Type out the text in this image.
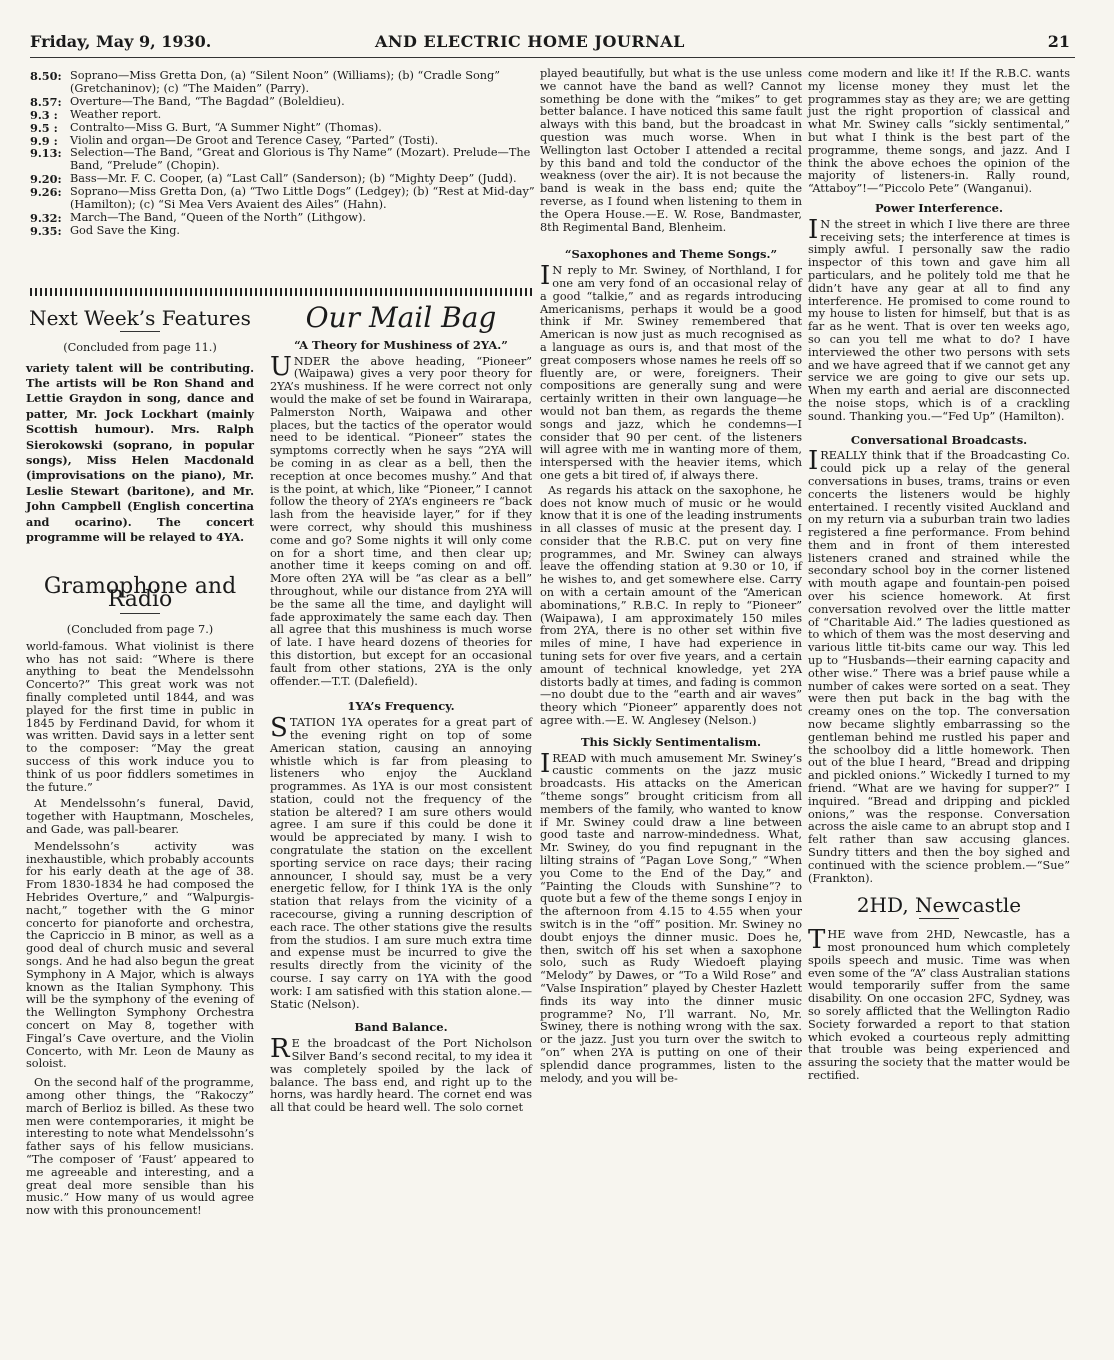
Friday, May 9, 1930.	AND ELECTRIC HOME JOURNAL	21
8.50: Soprano—Miss Gretta Don, (a) “Silent Noon” (Williams); (b) “Cradle Song” (Gretchaninov); (c) “The Maiden” (Parry).
8.57: Overture—The Band, “The Bagdad” (Boleldieu).
9.3 :	Weather report.
9.5 :	Contralto—Miss G. Burt, “A Summer Night” (Thomas).
9.9 :	Violin and organ—De Groot and Terence Casey, “Parted” (Tosti).
9.13: Selection—The Band, “Great and Glorious is Thy Name” (Mozart). Prelude—The Band, “Prelude” (Chopin).
9.20: Bass—Mr. F. C. Cooper, (a) “Last Call” (Sanderson); (b) “Mighty Deep” (Judd).
9.26: Soprano—Miss Gretta Don, (a) “Two Little Dogs” (Ledgey); (b) “Rest at Mid-day” (Hamilton); (c) “Si Mea Vers Avaient des Ailes” (Hahn).
9.32: March—The Band, “Queen of the North” (Lithgow).
9.35: God Save the King.
Next Week’s Features
(Concluded from page 11.)
variety talent will be contributing. The artists will be Ron Shand and Lettie Graydon in song, dance and patter, Mr. Jock Lockhart (mainly Scottish humour). Mrs. Ralph Sierokowski (soprano, in popular songs), Miss Helen Macdonald (improvisations on the piano), Mr. Leslie Stewart (baritone), and Mr. John Campbell (English concertina and ocarino). The concert programme will be relayed to 4YA.
Gramophone and Radio
(Concluded from page 7.)

world-famous. What violinist is there who has not said: “Where is there anything to beat the Mendelssohn Concerto?” This great work was not finally completed until 1844, and was played for the first time in public in 1845 by Ferdinand David, for whom it was written. David says in a letter sent to the composer: “May the great success of this work induce you to think of us poor fiddlers sometimes in the future.”

At Mendelssohn’s funeral, David, together with Hauptmann, Moscheles, and Gade, was pall-bearer.

Mendelssohn’s activity was inexhaustible, which probably accounts for his early death at the age of 38. From 1830-1834 he had composed the Hebrides Overture,” and “Walpurgis-nacht,” together with the G minor concerto for pianoforte and orchestra, the Capriccio in B minor, as well as a good deal of church music and several songs. And he had also begun the great Symphony in A Major, which is always known as the Italian Symphony. This will be the symphony of the evening of the Wellington Symphony Orchestra concert on May 8, together with Fingal’s Cave overture, and the Violin Concerto, with Mr. Leon de Mauny as soloist.

On the second half of the programme, among other things, the “Rakoczy” march of Berlioz is billed. As these two men were contemporaries, it might be interesting to note what Mendelssohn’s father says of his fellow musicians. “The composer of ‘Faust’ appeared to me agreeable and interesting, and a great deal more sensible than his music.” How many of us would agree now with this pronouncement!

Our Mail Bag
“A Theory for Mushiness of 2YA.”
UNDER the above heading, “Pioneer” (Waipawa) gives a very poor theory for 2YA’s mushiness. If he were correct not only would the make of set be found in Wairarapa, Palmerston North, Waipawa and other places, but the tactics of the operator would need to be identical. “Pioneer” states the symptoms correctly when he says “2YA will be coming in as clear as a bell, then the reception at once becomes mushy.” And that is the point, at which, like “Pioneer,” I cannot follow the theory of 2YA’s engineers re “back lash from the heaviside layer,” for if they were correct, why should this mushiness come and go? Some nights it will only come on for a short time, and then clear up; another time it keeps coming on and off. More often 2YA will be “as clear as a bell” throughout, while our distance from 2YA will be the same all the time, and daylight will fade approximately the same each day. Then all agree that this mushiness is much worse of late. I have heard dozens of theories for this distortion, but except for an occasional fault from other stations, 2YA is the only offender.—T.T. (Dalefield).
1YA’s Frequency.
STATION 1YA operates for a great part of the evening right on top of some American station, causing an annoying whistle which is far from pleasing to listeners who enjoy the Auckland programmes. As 1YA is our most consistent station, could not the frequency of the station be altered? I am sure others would agree. I am sure if this could be done it would be appreciated by many. I wish to congratulate the station on the excellent sporting service on race days; their racing announcer, I should say, must be a very energetic fellow, for I think 1YA is the only station that relays from the vicinity of a racecourse, giving a running description of each race. The other stations give the results from the studios. I am sure much extra time and expense must be incurred to give the results directly from the vicinity of the course. I say carry on 1YA with the good work: I am satisfied with this station alone.—Static (Nelson).
Band Balance.
R E the broadcast of the Port Nicholson Silver Band’s second recital, to my idea it was completely spoiled by the lack of balance. The bass end, and right up to the horns, was hardly heard. The cornet end was all that could be heard well. The solo cornet
played beautifully, but what is the use unless we cannot have the band as well? Cannot something be done with the “mikes” to get better balance. I have noticed this same fault always with this band, but the broadcast in question was much worse. When in Wellington last October I attended a recital by this band and told the conductor of the weakness (over the air). It is not because the band is weak in the bass end; quite the reverse, as I found when listening to them in the Opera House.—E. W. Rose, Bandmaster, 8th Regimental Band, Blenheim.
“Saxophones and Theme Songs.”
I N reply to Mr. Swiney, of Northland, I for one am very fond of an occasional relay of a good “talkie,” and as regards introducing Americanisms, perhaps it would be a good think if Mr. Swiney remembered that American is now just as much recognised as a language as ours is, and that most of the great composers whose names he reels off so fluently are, or were, foreigners. Their compositions are generally sung and were certainly written in their own language—he would not ban them, as regards the theme songs and jazz, which he condemns—I consider that 90 per cent. of the listeners will agree with me in wanting more of them, interspersed with the heavier items, which one gets a bit tired of, if always there.

As regards his attack on the saxophone, he does not know much of music or he would know that it is one of the leading instruments in all classes of music at the present day. I consider that the R.B.C. put on very fine programmes, and Mr. Swiney can always leave the offending station at 9.30 or 10, if he wishes to, and get somewhere else. Carry on with a certain amount of the “American abominations,” R.B.C. In reply to “Pioneer” (Waipawa), I am approximately 150 miles from 2YA, there is no other set within five miles of mine, I have had experience in tuning sets for over five years, and a certain amount of technical knowledge, yet 2YA distorts badly at times, and fading is common—no doubt due to the “earth and air waves” theory which “Pioneer” apparently does not agree with.—E. W. Anglesey (Nelson.)

This Sickly Sentimentalism.
IREAD with much amusement Mr. Swiney’s caustic comments on the jazz music broadcasts. His attacks on the American “theme songs” brought criticism from all members of the family, who wanted to know if Mr. Swiney could draw a line between good taste and narrow-mindedness. What, Mr. Swiney, do you find repugnant in the lilting strains of “Pagan Love Song,” “When you Come to the End of the Day,” and “Painting the Clouds with Sunshine”? to quote but a few of the theme songs I enjoy in the afternoon from 4.15 to 4.55 when your switch is in the “off” position. Mr. Swiney no doubt enjoys the dinner music. Does he, then, switch off his set when a saxophone solo, such as Rudy Wiedoeft playing “Melody” by Dawes, or “To a Wild Rose” and “Valse Inspiration” played by Chester Hazlett finds its way into the dinner music programme? No, I’ll warrant. No, Mr. Swiney, there is nothing wrong with the sax. or the jazz. Just you turn over the switch to “on” when 2YA is putting on one of their splendid dance programmes, listen to the melody, and you will be-
come modern and like it! If the R.B.C. wants my license money they must let the programmes stay as they are; we are getting just the right proportion of classical and what Mr. Swiney calls “sickly sentimental,” but what I think is the best part of the programme, theme songs, and jazz. And I think the above echoes the opinion of the majority of listeners-in. Rally round, “Attaboy”!—“Piccolo Pete” (Wanganui).
Power Interference.
I N the street in which I live there are three receiving sets; the interference at times is simply awful. I personally saw the radio inspector of this town and gave him all particulars, and he politely told me that he didn’t have any gear at all to find any interference. He promised to come round to my house to listen for himself, but that is as far as he went. That is over ten weeks ago, so can you tell me what to do? I have interviewed the other two persons with sets and we have agreed that if we cannot get any service we are going to give our sets up. When my earth and aerial are disconnected the noise stops, which is of a crackling sound. Thanking you.—“Fed Up” (Hamilton).
Conversational Broadcasts.
IREALLY think that if the Broadcasting Co. could pick up a relay of the general conversations in buses, trams, trains or even concerts the listeners would be highly entertained. I recently visited Auckland and on my return via a suburban train two ladies registered a fine performance. From behind them and in front of them interested listeners craned and strained while the secondary school boy in the corner listened with mouth agape and fountain-pen poised over his science homework. At first conversation revolved over the little matter of “Charitable Aid.” The ladies questioned as to which of them was the most deserving and various little tit-bits came our way. This led up to “Husbands—their earning capacity and other wise.” There was a brief pause while a number of cakes were sorted on a seat. They were then put back in the bag with the creamy ones on the top. The conversation now became slightly embarrassing so the gentleman behind me rustled his paper and the schoolboy did a little homework. Then out of the blue I heard, “Bread and dripping and pickled onions.” Wickedly I turned to my friend. “What are we having for supper?” I inquired. “Bread and dripping and pickled onions,” was the response. Conversation across the aisle came to an abrupt stop and I felt rather than saw accusing glances. Sundry titters and then the boy sighed and continued with the science problem.—“Sue” (Frankton).
2HD, Newcastle
THE wave from 2HD, Newcastle, has a most pronounced hum which completely spoils speech and music. Time was when even some of the “A” class Australian stations would temporarily suffer from the same disability. On one occasion 2FC, Sydney, was so sorely afflicted that the Wellington Radio Society forwarded a report to that station which evoked a courteous reply admitting that trouble was being experienced and assuring the society that the matter would be rectified.
